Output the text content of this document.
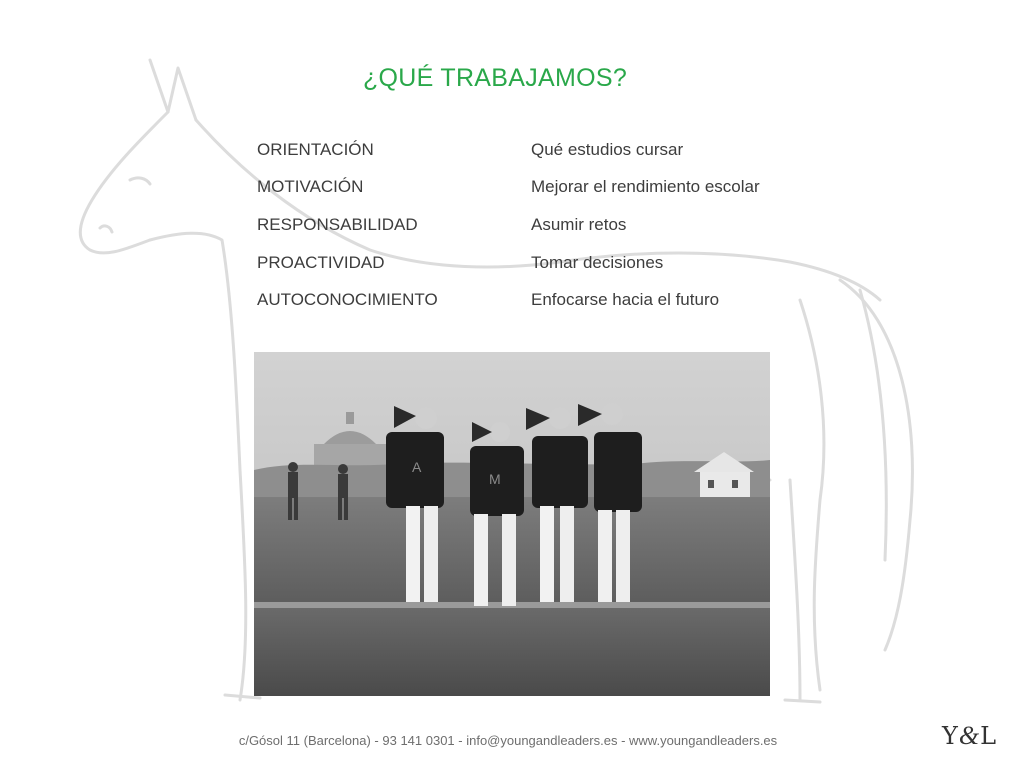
¿QUÉ TRABAJAMOS?
ORIENTACIÓN	Qué estudios cursar
MOTIVACIÓN	Mejorar el rendimiento escolar
RESPONSABILIDAD	Asumir retos
PROACTIVIDAD	Tomar decisiones
AUTOCONOCIMIENTO	Enfocarse hacia el futuro
A
M
c/Gósol 11 (Barcelona) - 93 141 0301 - info@youngandleaders.es - www.youngandleaders.es	Y&L
